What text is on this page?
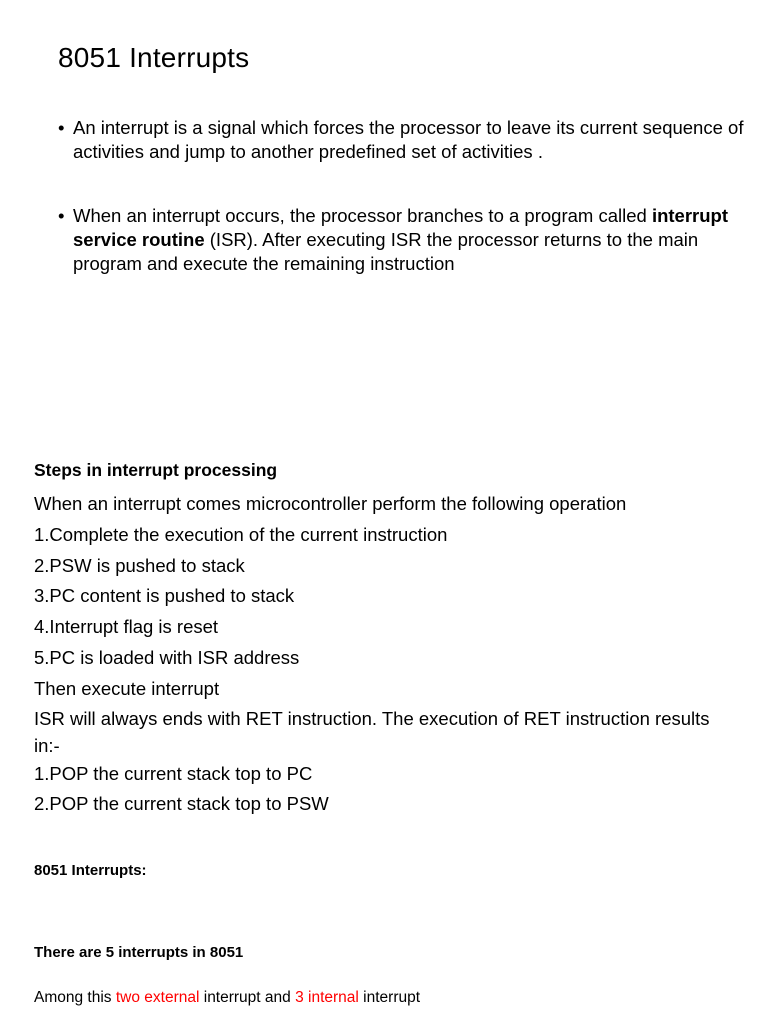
8051 Interrupts
• An interrupt is a signal which forces the processor to leave its current sequence of activities and jump to another predefined set of activities .
• When an interrupt occurs, the processor branches to a program called interrupt service routine (ISR). After executing ISR the processor returns to the main program and execute the remaining instruction
Steps in interrupt processing
When an interrupt comes microcontroller perform the following operation
1.Complete the execution of the current instruction
2.PSW is pushed to stack
3.PC content is pushed to stack
4.Interrupt flag is reset
5.PC is loaded with ISR address
Then execute interrupt
ISR will always ends with RET instruction. The execution of RET instruction results in:-
1.POP the current stack top to PC
2.POP the current stack top to PSW
8051 Interrupts:
There are 5 interrupts in 8051
Among this two external interrupt and 3 internal interrupt
